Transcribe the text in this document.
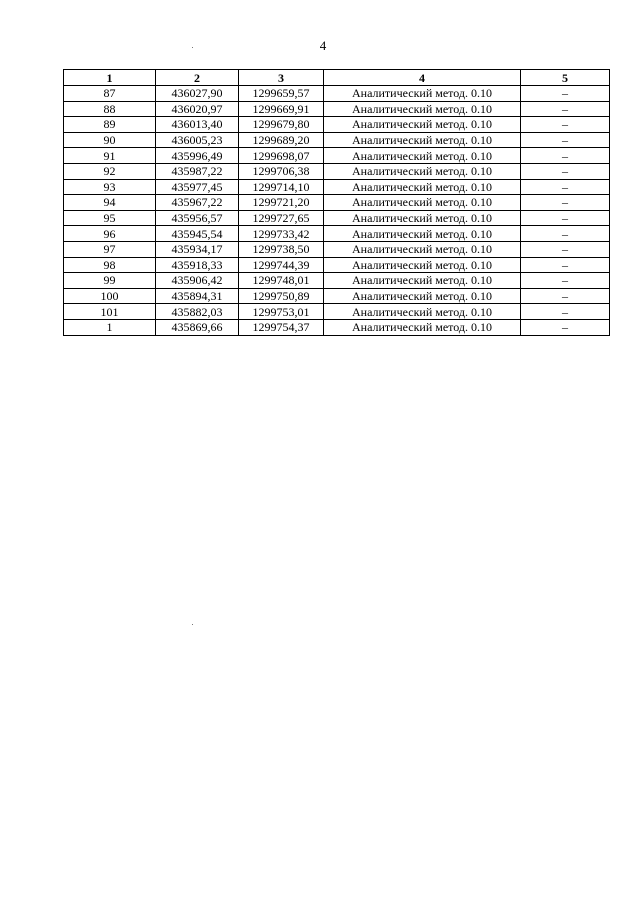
4
1	2	3	4	5
87	436027,90	1299659,57	Аналитический метод. 0.10	–
88	436020,97	1299669,91	Аналитический метод. 0.10	–
89	436013,40	1299679,80	Аналитический метод. 0.10	–
90	436005,23	1299689,20	Аналитический метод. 0.10	–
91	435996,49	1299698,07	Аналитический метод. 0.10	–
92	435987,22	1299706,38	Аналитический метод. 0.10	–
93	435977,45	1299714,10	Аналитический метод. 0.10	–
94	435967,22	1299721,20	Аналитический метод. 0.10	–
95	435956,57	1299727,65	Аналитический метод. 0.10	–
96	435945,54	1299733,42	Аналитический метод. 0.10	–
97	435934,17	1299738,50	Аналитический метод. 0.10	–
98	435918,33	1299744,39	Аналитический метод. 0.10	–
99	435906,42	1299748,01	Аналитический метод. 0.10	–
100	435894,31	1299750,89	Аналитический метод. 0.10	–
101	435882,03	1299753,01	Аналитический метод. 0.10	–
1	435869,66	1299754,37	Аналитический метод. 0.10	–
